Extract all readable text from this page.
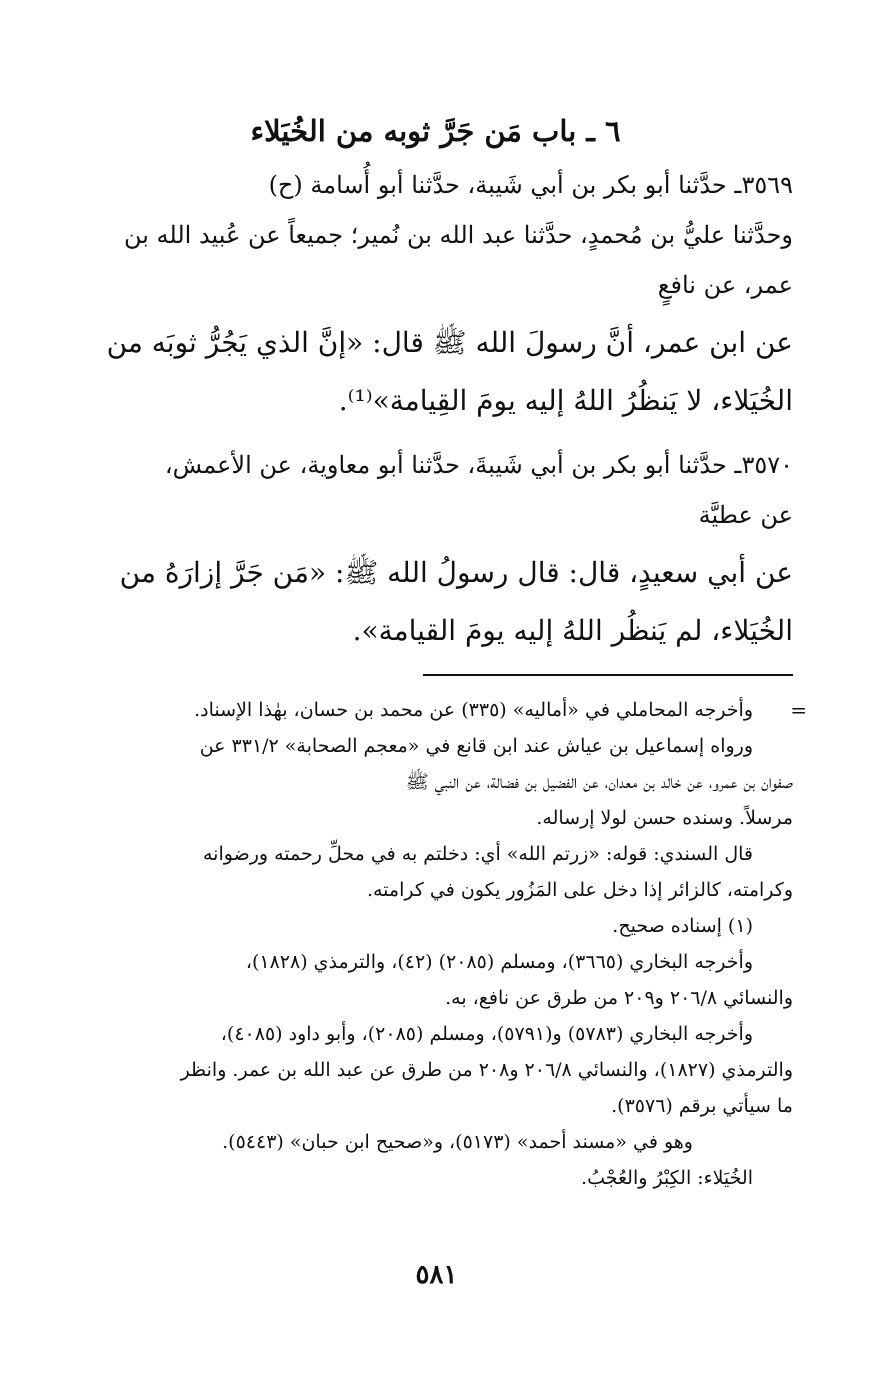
٦ ـ باب مَن جَرَّ ثوبه من الخُيَلاء
٣٥٦٩ـ حدَّثنا أبو بكر بن أبي شَيبة، حدَّثنا أبو أُسامة (ح)
وحدَّثنا عليُّ بن مُحمدٍ، حدَّثنا عبد الله بن نُمير؛ جميعاً عن عُبيد الله بن
عمر، عن نافعٍ
عن ابن عمر، أنَّ رسولَ الله ﷺ قال: «إنَّ الذي يَجُرُّ ثوبَه من
الخُيَلاء، لا يَنظُرُ اللهُ إليه يومَ القِيامة»⁽¹⁾.
٣٥٧٠ـ حدَّثنا أبو بكر بن أبي شَيبةَ، حدَّثنا أبو معاوية، عن الأعمش،
عن عطيَّة
عن أبي سعيدٍ، قال: قال رسولُ الله ﷺ: «مَن جَرَّ إزارَهُ من
الخُيَلاء، لم يَنظُر اللهُ إليه يومَ القيامة».
=
وأخرجه المحاملي في «أماليه» (٣٣٥) عن محمد بن حسان، بهٰذا الإسناد.
ورواه إسماعيل بن عياش عند ابن قانع في «معجم الصحابة» ٣٣١/٢ عن
صفوان بن عمرو، عن خالد بن معدان، عن الفضيل بن فضالة، عن النبي ﷺ
مرسلاً. وسنده حسن لولا إرساله.
قال السندي: قوله: «زرتم الله» أي: دخلتم به في محلِّ رحمته ورضوانه
وكرامته، كالزائر إذا دخل على المَزُور يكون في كرامته.
(١) إسناده صحيح.
وأخرجه البخاري (٣٦٦٥)، ومسلم (٢٠٨٥) (٤٢)، والترمذي (١٨٢٨)،
والنسائي ٢٠٦/٨ و٢٠٩ من طرق عن نافع، به.
وأخرجه البخاري (٥٧٨٣) و(٥٧٩١)، ومسلم (٢٠٨٥)، وأبو داود (٤٠٨٥)،
والترمذي (١٨٢٧)، والنسائي ٢٠٦/٨ و٢٠٨ من طرق عن عبد الله بن عمر. وانظر
ما سيأتي برقم (٣٥٧٦).
وهو في «مسند أحمد» (٥١٧٣)، و«صحيح ابن حبان» (٥٤٤٣).
الخُيَلاء: الكِبْرُ والعُجْبُ.
٥٨١
